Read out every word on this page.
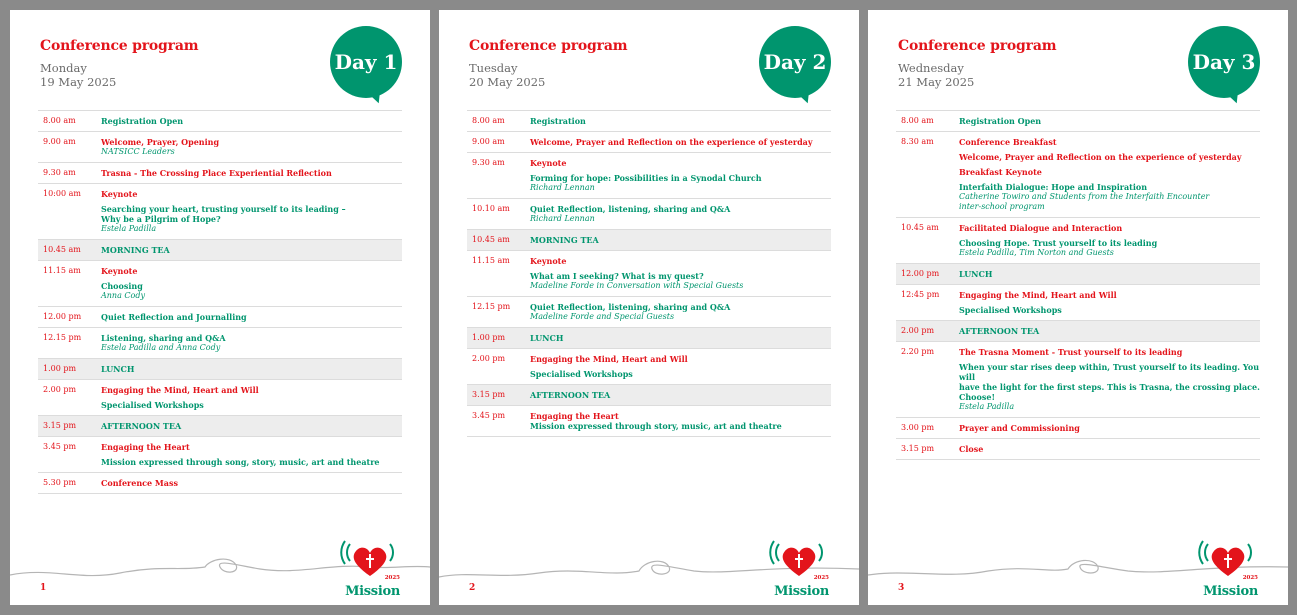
Conference program
Monday
19 May 2025
Day 1
8.00 am	Registration Open
9.00 am	Welcome, Prayer, Opening
NATSICC Leaders
9.30 am	Trasna - The Crossing Place Experiential Reflection
10:00 am	Keynote
Searching your heart, trusting yourself to its leading –
Why be a Pilgrim of Hope?
Estela Padilla
10.45 am	MORNING TEA
11.15 am	Keynote
Choosing
Anna Cody
12.00 pm	Quiet Reflection and Journalling
12.15 pm	Listening, sharing and Q&A
Estela Padilla and Anna Cody
1.00 pm	LUNCH
2.00 pm	Engaging the Mind, Heart and Will
Specialised Workshops
3.15 pm	AFTERNOON TEA
3.45 pm	Engaging the Heart
Mission expressed through song, story, music, art and theatre
5.30 pm	Conference Mass
2025
Mission
1
Conference program
Tuesday
20 May 2025
Day 2
8.00 am	Registration
9.00 am	Welcome, Prayer and Reflection on the experience of yesterday
9.30 am	Keynote
Forming for hope: Possibilities in a Synodal Church
Richard Lennan
10.10 am	Quiet Reflection, listening, sharing and Q&A
Richard Lennan
10.45 am	MORNING TEA
11.15 am	Keynote
What am I seeking? What is my quest?
Madeline Forde in Conversation with Special Guests
12.15 pm	Quiet Reflection, listening, sharing and Q&A
Madeline Forde and Special Guests
1.00 pm	LUNCH
2.00 pm	Engaging the Mind, Heart and Will
Specialised Workshops
3.15 pm	AFTERNOON TEA
3.45 pm	Engaging the Heart
Mission expressed through story, music, art and theatre
2025
Mission
2
Conference program
Wednesday
21 May 2025
Day 3
8.00 am	Registration Open
8.30 am	Conference Breakfast
Welcome, Prayer and Reflection on the experience of yesterday
Breakfast Keynote
Interfaith Dialogue: Hope and Inspiration
Catherine Towiro and Students from the Interfaith Encounter
inter-school program
10.45 am	Facilitated Dialogue and Interaction
Choosing Hope. Trust yourself to its leading
Estela Padilla, Tim Norton and Guests
12.00 pm	LUNCH
12:45 pm	Engaging the Mind, Heart and Will
Specialised Workshops
2.00 pm	AFTERNOON TEA
2.20 pm	The Trasna Moment - Trust yourself to its leading
When your star rises deep within, Trust yourself to its leading. You will
have the light for the first steps. This is Trasna, the crossing place. Choose!
Estela Padilla
3.00 pm	Prayer and Commissioning
3.15 pm	Close
2025
Mission
3
